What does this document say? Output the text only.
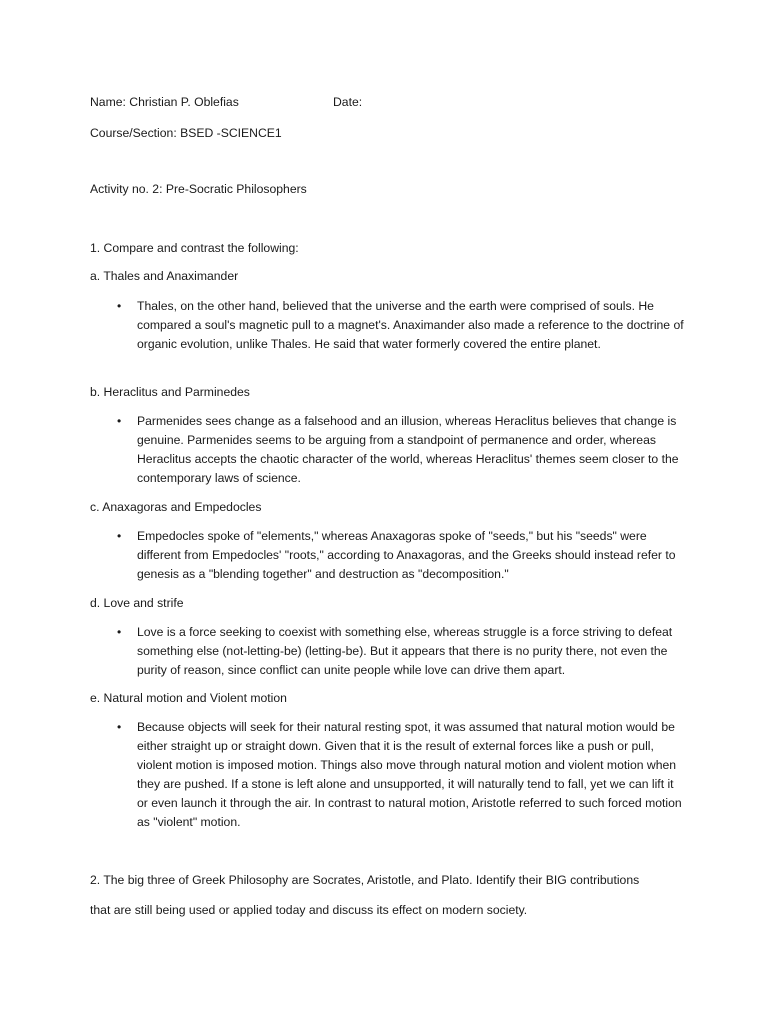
Name: Christian P. Oblefias	Date:
Course/Section: BSED -SCIENCE1
Activity no. 2: Pre-Socratic Philosophers
1. Compare and contrast the following:
a. Thales and Anaximander
• Thales, on the other hand, believed that the universe and the earth were comprised of souls. He compared a soul's magnetic pull to a magnet's. Anaximander also made a reference to the doctrine of organic evolution, unlike Thales. He said that water formerly covered the entire planet.
b. Heraclitus and Parminedes
• Parmenides sees change as a falsehood and an illusion, whereas Heraclitus believes that change is genuine. Parmenides seems to be arguing from a standpoint of permanence and order, whereas Heraclitus accepts the chaotic character of the world, whereas Heraclitus' themes seem closer to the contemporary laws of science.
c. Anaxagoras and Empedocles
• Empedocles spoke of "elements," whereas Anaxagoras spoke of "seeds," but his "seeds" were different from Empedocles' "roots," according to Anaxagoras, and the Greeks should instead refer to genesis as a "blending together" and destruction as "decomposition."
d. Love and strife
• Love is a force seeking to coexist with something else, whereas struggle is a force striving to defeat something else (not-letting-be) (letting-be). But it appears that there is no purity there, not even the purity of reason, since conflict can unite people while love can drive them apart.
e. Natural motion and Violent motion
• Because objects will seek for their natural resting spot, it was assumed that natural motion would be either straight up or straight down. Given that it is the result of external forces like a push or pull, violent motion is imposed motion. Things also move through natural motion and violent motion when they are pushed. If a stone is left alone and unsupported, it will naturally tend to fall, yet we can lift it or even launch it through the air. In contrast to natural motion, Aristotle referred to such forced motion as "violent" motion.
2. The big three of Greek Philosophy are Socrates, Aristotle, and Plato. Identify their BIG contributions
that are still being used or applied today and discuss its effect on modern society.
